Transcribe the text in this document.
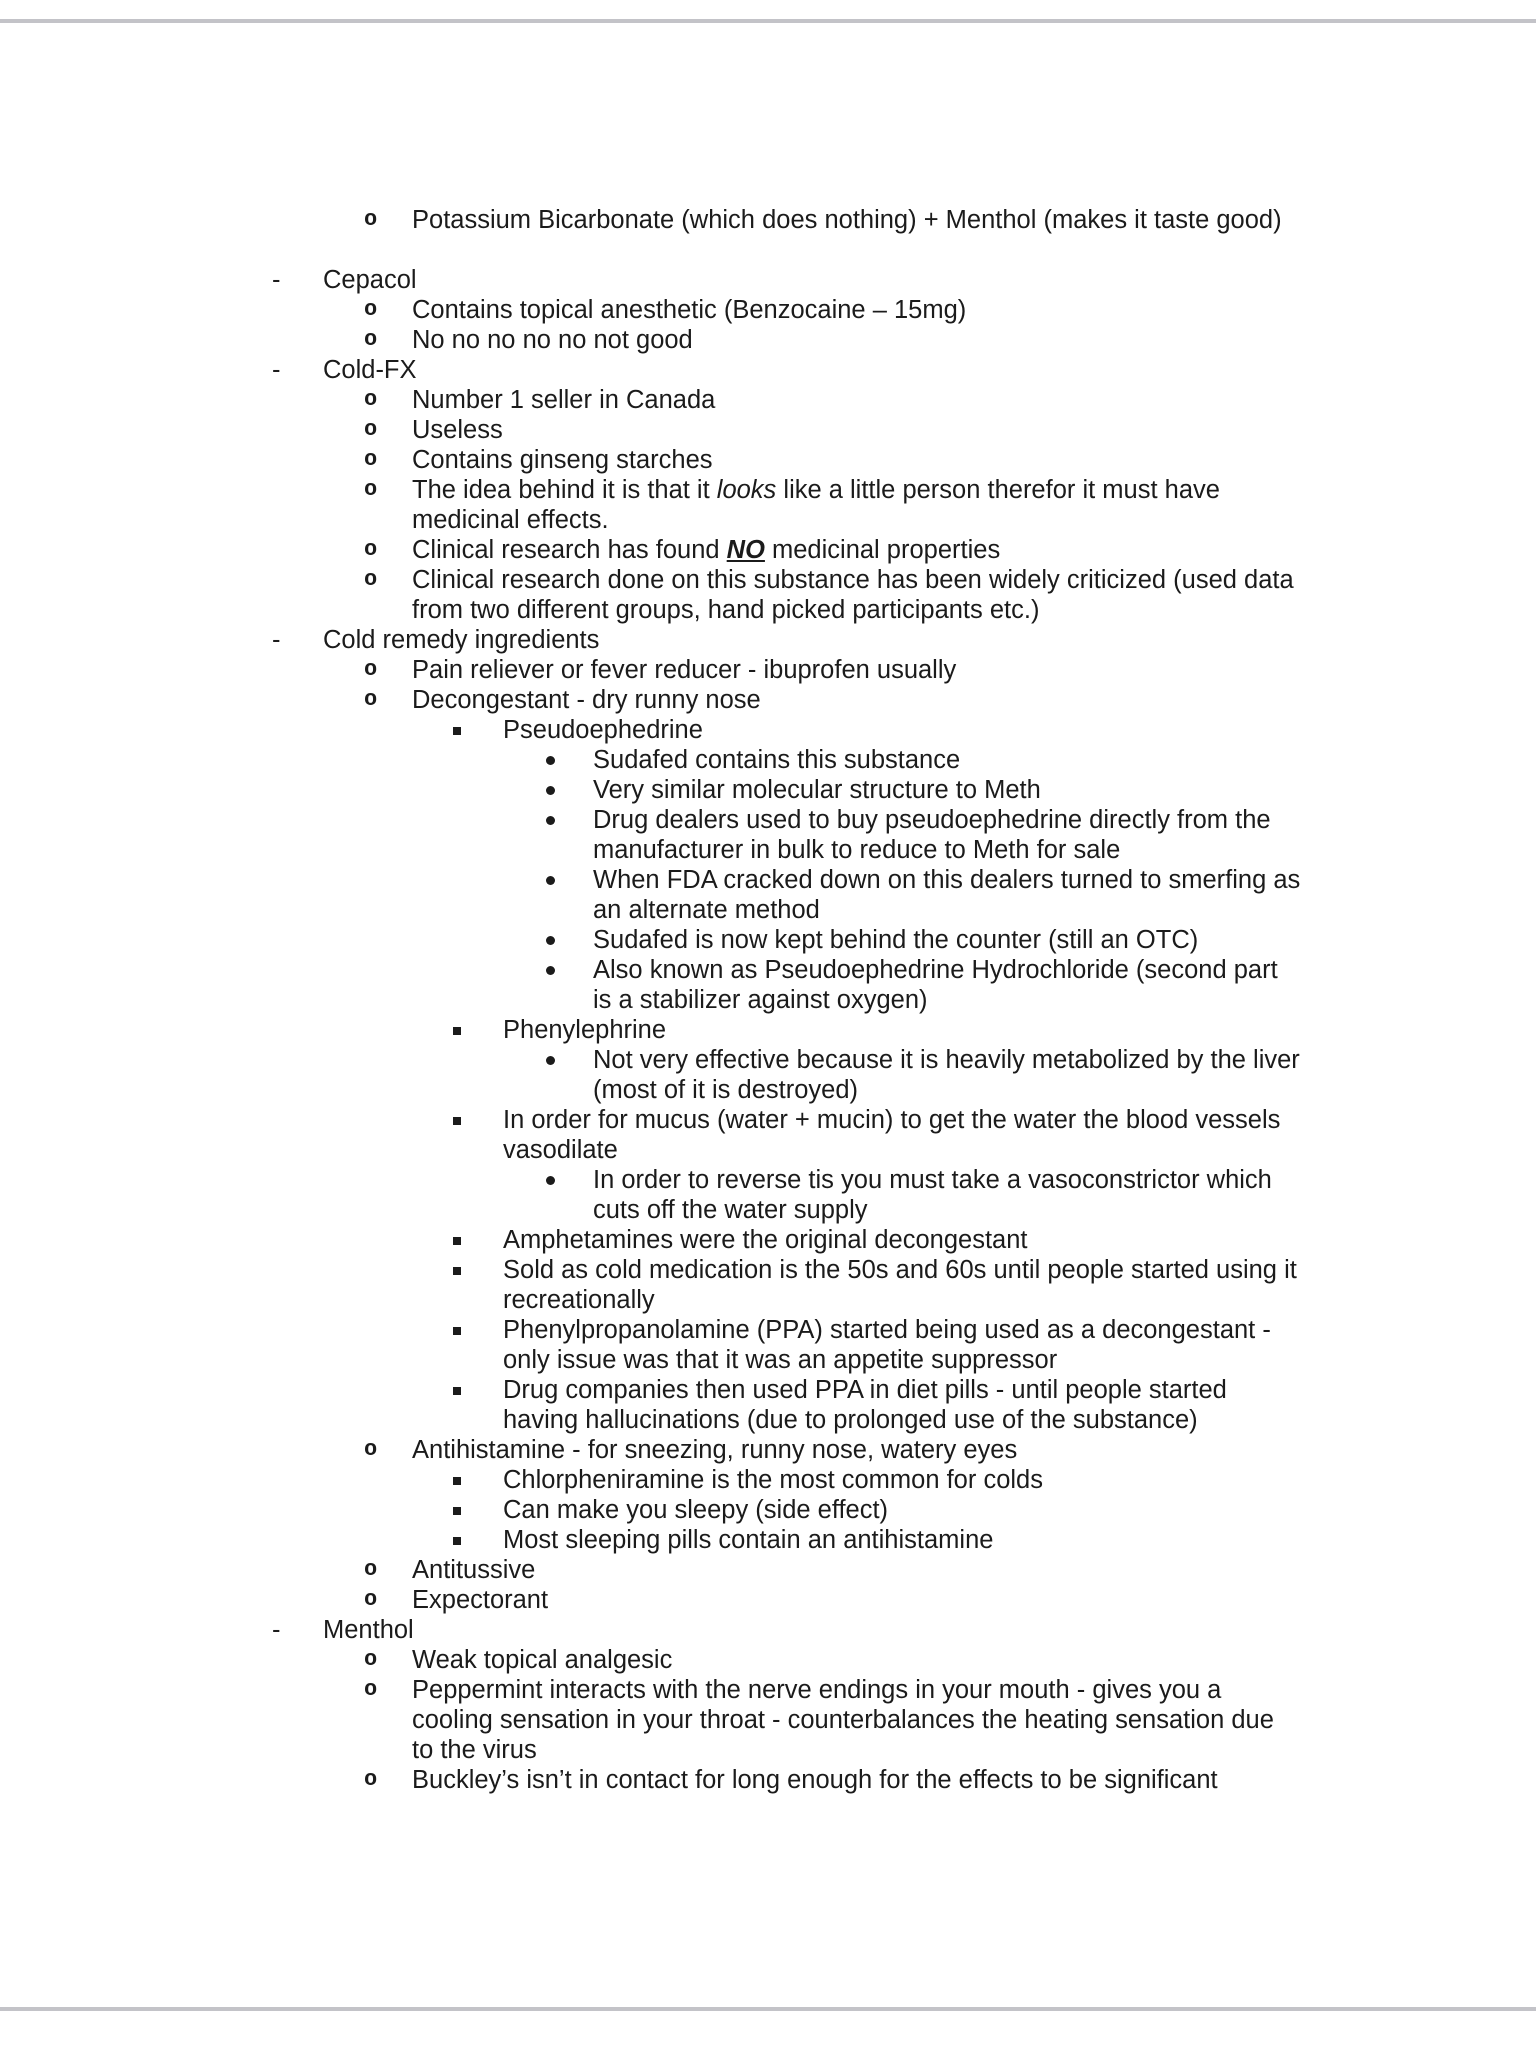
o Potassium Bicarbonate (which does nothing) + Menthol (makes it taste good)
- Cepacol
o Contains topical anesthetic (Benzocaine – 15mg)
o No no no no no not good
- Cold-FX
o Number 1 seller in Canada
o Useless
o Contains ginseng starches
o The idea behind it is that it looks like a little person therefor it must have medicinal effects.
o Clinical research has found NO medicinal properties
o Clinical research done on this substance has been widely criticized (used data from two different groups, hand picked participants etc.)
- Cold remedy ingredients
o Pain reliever or fever reducer - ibuprofen usually
o Decongestant - dry runny nose
Pseudoephedrine
Sudafed contains this substance
Very similar molecular structure to Meth
Drug dealers used to buy pseudoephedrine directly from the manufacturer in bulk to reduce to Meth for sale
When FDA cracked down on this dealers turned to smerfing as an alternate method
Sudafed is now kept behind the counter (still an OTC)
Also known as Pseudoephedrine Hydrochloride (second part is a stabilizer against oxygen)
Phenylephrine
Not very effective because it is heavily metabolized by the liver (most of it is destroyed)
In order for mucus (water + mucin) to get the water the blood vessels vasodilate
In order to reverse tis you must take a vasoconstrictor which cuts off the water supply
Amphetamines were the original decongestant
Sold as cold medication is the 50s and 60s until people started using it recreationally
Phenylpropanolamine (PPA) started being used as a decongestant - only issue was that it was an appetite suppressor
Drug companies then used PPA in diet pills - until people started having hallucinations (due to prolonged use of the substance)
o Antihistamine - for sneezing, runny nose, watery eyes
Chlorpheniramine is the most common for colds
Can make you sleepy (side effect)
Most sleeping pills contain an antihistamine
o Antitussive
o Expectorant
- Menthol
o Weak topical analgesic
o Peppermint interacts with the nerve endings in your mouth - gives you a cooling sensation in your throat - counterbalances the heating sensation due to the virus
o Buckley’s isn’t in contact for long enough for the effects to be significant
